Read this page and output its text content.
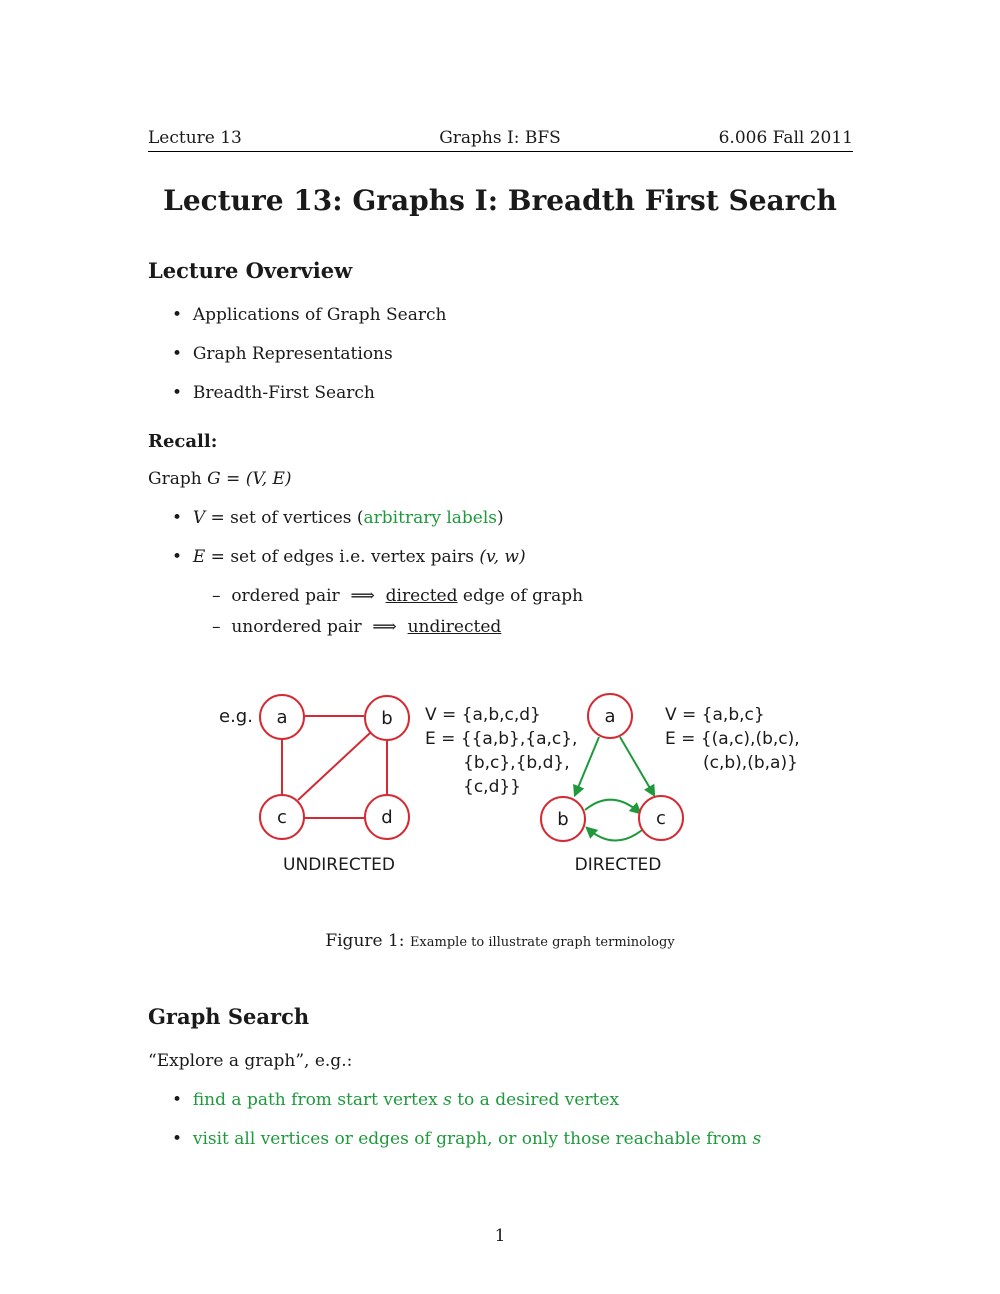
Lecture 13	Graphs I: BFS	6.006 Fall 2011
Lecture 13: Graphs I: Breadth First Search
Lecture Overview
•  Applications of Graph Search
•  Graph Representations
•  Breadth-First Search
Recall:
Graph G = (V, E)
•  V = set of vertices (arbitrary labels)
•  E = set of edges i.e. vertex pairs (v, w)
–  ordered pair ⟹ directed edge of graph
–  unordered pair ⟹ undirected
e.g. a	b
c	d
UNDIRECTED
V = {a,b,c,d}
E = {{a,b},{a,c},
{b,c},{b,d},
{c,d}}
a
b	c
DIRECTED
V = {a,b,c}
E = {(a,c),(b,c),
(c,b),(b,a)}
Figure 1: Example to illustrate graph terminology
Graph Search
“Explore a graph”, e.g.:
•  find a path from start vertex s to a desired vertex
•  visit all vertices or edges of graph, or only those reachable from s
1
